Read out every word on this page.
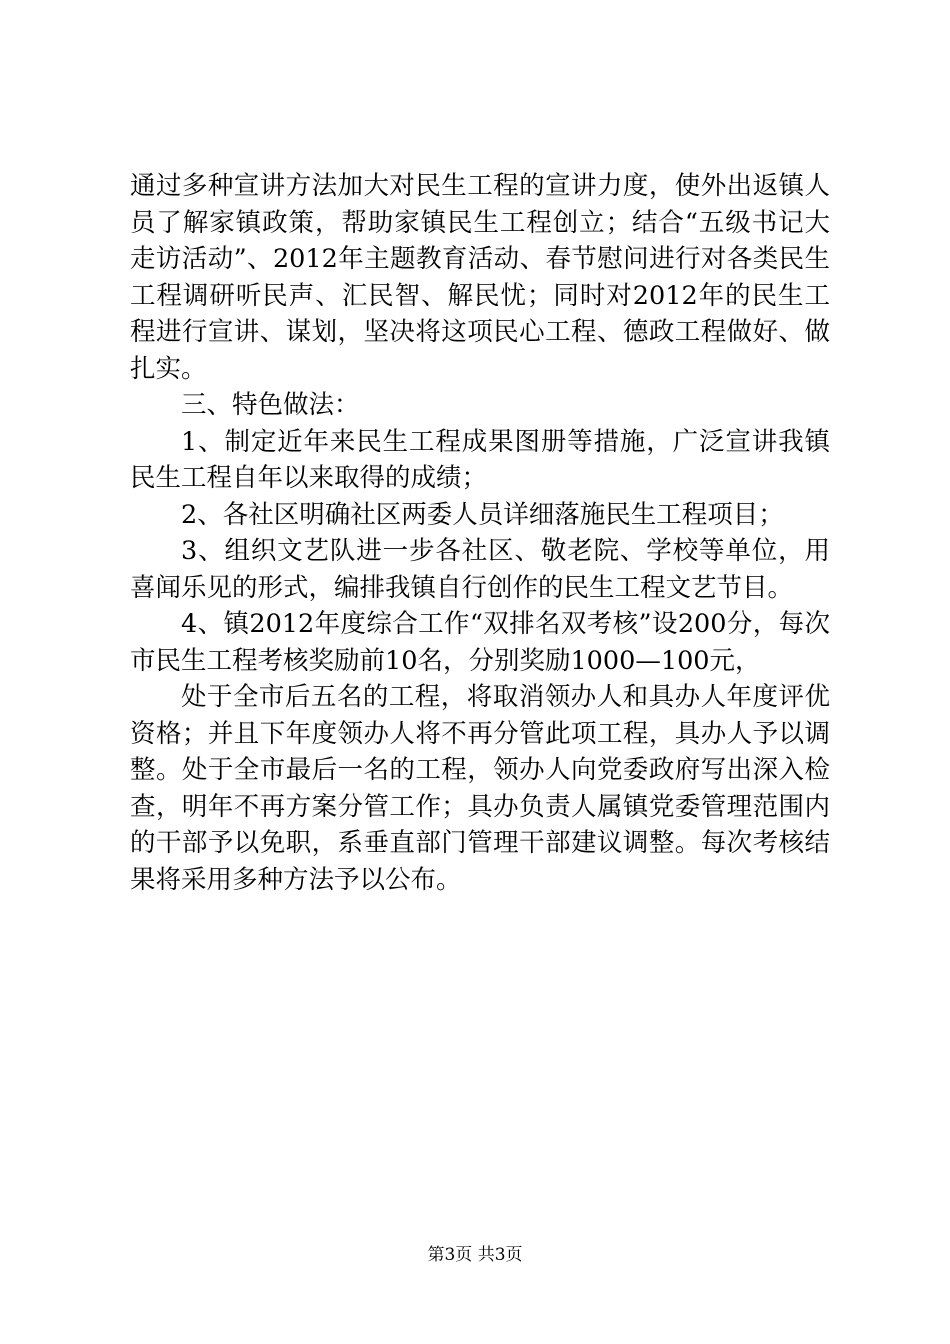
通过多种宣讲方法加大对民生工程的宣讲力度，使外出返镇人员了解家镇政策，帮助家镇民生工程创立；结合“五级书记大走访活动”、2012年主题教育活动、春节慰问进行对各类民生工程调研听民声、汇民智、解民忧；同时对2012年的民生工程进行宣讲、谋划，坚决将这项民心工程、德政工程做好、做扎实。

三、特色做法：

1、制定近年来民生工程成果图册等措施，广泛宣讲我镇民生工程自年以来取得的成绩；

2、各社区明确社区两委人员详细落施民生工程项目；

3、组织文艺队进一步各社区、敬老院、学校等单位，用喜闻乐见的形式，编排我镇自行创作的民生工程文艺节目。

4、镇2012年度综合工作“双排名双考核”设200分，每次市民生工程考核奖励前10名，分别奖励1000—100元，

处于全市后五名的工程，将取消领办人和具办人年度评优资格；并且下年度领办人将不再分管此项工程，具办人予以调整。处于全市最后一名的工程，领办人向党委政府写出深入检查，明年不再方案分管工作；具办负责人属镇党委管理范围内的干部予以免职，系垂直部门管理干部建议调整。每次考核结果将采用多种方法予以公布。

第3页 共3页
